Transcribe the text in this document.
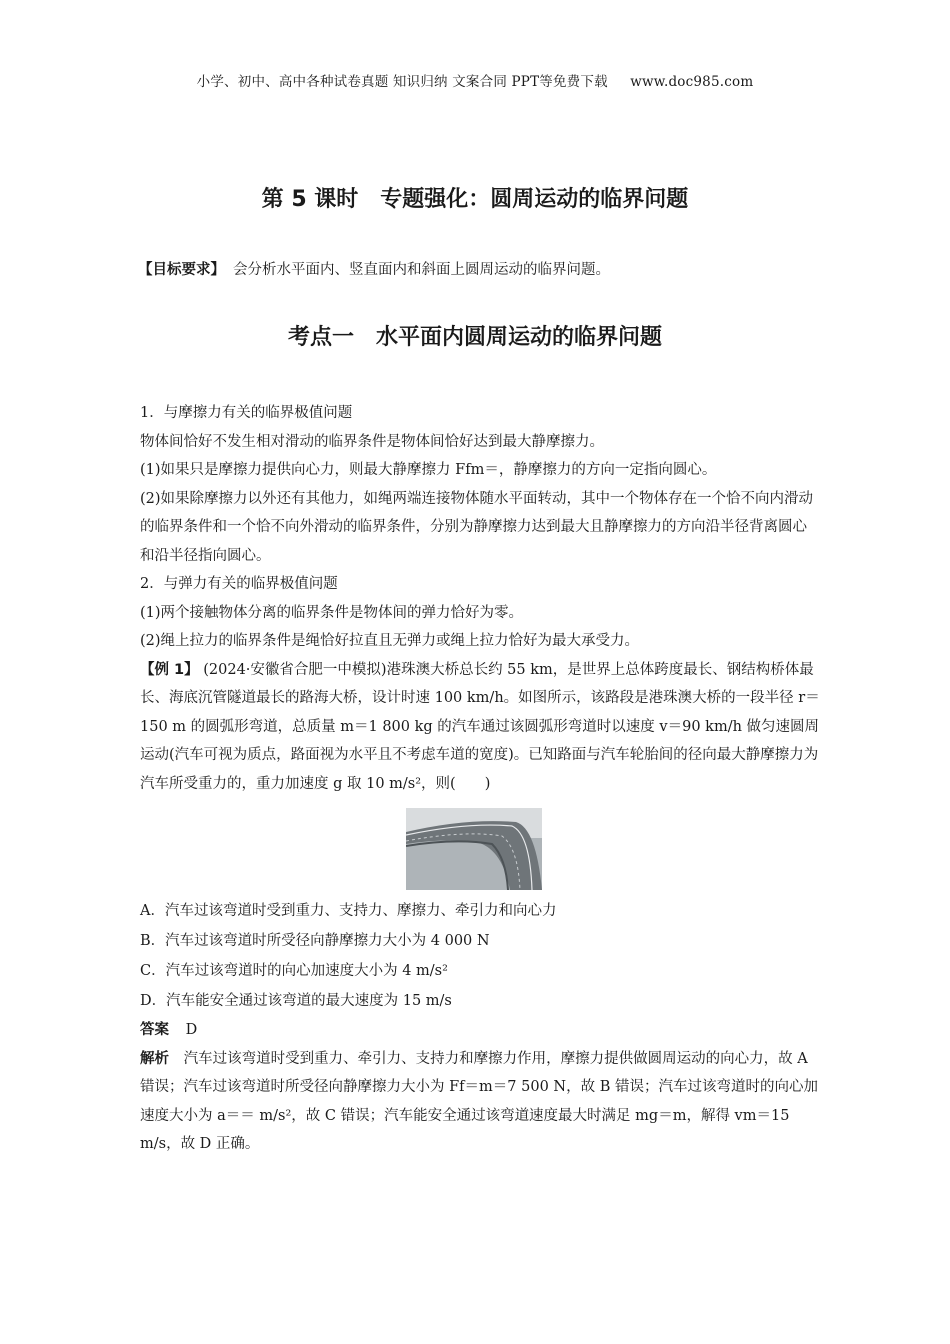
小学、初中、高中各种试卷真题 知识归纳 文案合同 PPT等免费下载 www.doc985.com
第 5 课时　专题强化：圆周运动的临界问题
【目标要求】 会分析水平面内、竖直面内和斜面上圆周运动的临界问题。
考点一　水平面内圆周运动的临界问题

1．与摩擦力有关的临界极值问题

物体间恰好不发生相对滑动的临界条件是物体间恰好达到最大静摩擦力。

(1)如果只是摩擦力提供向心力，则最大静摩擦力 Ffm＝，静摩擦力的方向一定指向圆心。

(2)如果除摩擦力以外还有其他力，如绳两端连接物体随水平面转动，其中一个物体存在一个恰不向内滑动的临界条件和一个恰不向外滑动的临界条件，分别为静摩擦力达到最大且静摩擦力的方向沿半径背离圆心和沿半径指向圆心。

2．与弹力有关的临界极值问题

(1)两个接触物体分离的临界条件是物体间的弹力恰好为零。

(2)绳上拉力的临界条件是绳恰好拉直且无弹力或绳上拉力恰好为最大承受力。

【例 1】 (2024·安徽省合肥一中模拟)港珠澳大桥总长约 55 km，是世界上总体跨度最长、钢结构桥体最长、海底沉管隧道最长的路海大桥，设计时速 100 km/h。如图所示，该路段是港珠澳大桥的一段半径 r＝150 m 的圆弧形弯道，总质量 m＝1 800 kg 的汽车通过该圆弧形弯道时以速度 v＝90 km/h 做匀速圆周运动(汽车可视为质点，路面视为水平且不考虑车道的宽度)。已知路面与汽车轮胎间的径向最大静摩擦力为汽车所受重力的，重力加速度 g 取 10 m/s²，则(　　)

A．汽车过该弯道时受到重力、支持力、摩擦力、牵引力和向心力

B．汽车过该弯道时所受径向静摩擦力大小为 4 000 N

C．汽车过该弯道时的向心加速度大小为 4 m/s²

D．汽车能安全通过该弯道的最大速度为 15 m/s

答案 D

解析 汽车过该弯道时受到重力、牵引力、支持力和摩擦力作用，摩擦力提供做圆周运动的向心力，故 A 错误；汽车过该弯道时所受径向静摩擦力大小为 Ff＝m＝7 500 N，故 B 错误；汽车过该弯道时的向心加速度大小为 a＝＝ m/s²，故 C 错误；汽车能安全通过该弯道速度最大时满足 mg＝m，解得 vm＝15 m/s，故 D 正确。
